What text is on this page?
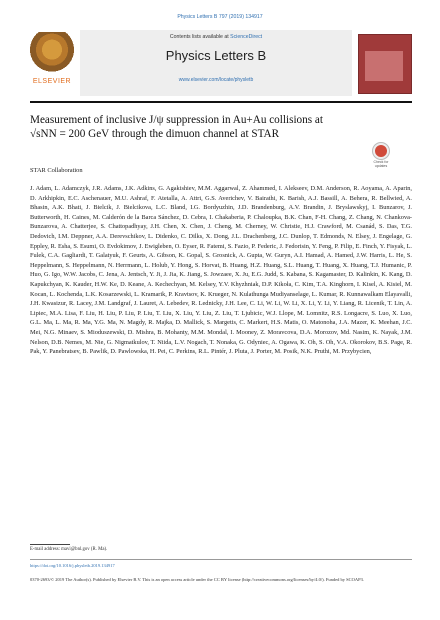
Physics Letters B 797 (2019) 134917
ELSEVIER
Contents lists available at ScienceDirect
Physics Letters B
www.elsevier.com/locate/physletb
Measurement of inclusive J/ψ suppression in Au+Au collisions at √sNN = 200 GeV through the dimuon channel at STAR
Check for updates
STAR Collaboration
J. Adam, L. Adamczyk, J.R. Adams, J.K. Adkins, G. Agakishiev, M.M. Aggarwal, Z. Ahammed, I. Alekseev, D.M. Anderson, R. Aoyama, A. Aparin, D. Arkhipkin, E.C. Aschenauer, M.U. Ashraf, F. Atetalla, A. Attri, G.S. Averichev, V. Bairathi, K. Barish, A.J. Bassill, A. Behera, R. Bellwied, A. Bhasin, A.K. Bhati, J. Bielcik, J. Bielcikova, L.C. Bland, I.G. Bordyuzhin, J.D. Brandenburg, A.V. Brandin, J. Bryslawskyj, I. Bunzarov, J. Butterworth, H. Caines, M. Calderón de la Barca Sánchez, D. Cebra, I. Chakaberia, P. Chaloupka, B.K. Chan, F-H. Chang, Z. Chang, N. Chankova-Bunzarova, A. Chatterjee, S. Chattopadhyay, J.H. Chen, X. Chen, J. Cheng, M. Cherney, W. Christie, H.J. Crawford, M. Csanád, S. Das, T.G. Dedovich, I.M. Deppner, A.A. Derevschikov, L. Didenko, C. Dilks, X. Dong, J.L. Drachenberg, J.C. Dunlop, T. Edmonds, N. Elsey, J. Engelage, G. Eppley, R. Esha, S. Esumi, O. Evdokimov, J. Ewigleben, O. Eyser, R. Fatemi, S. Fazio, P. Federic, J. Fedorisin, Y. Feng, P. Filip, E. Finch, Y. Fisyak, L. Fulek, C.A. Gagliardi, T. Galatyuk, F. Geurts, A. Gibson, K. Gopal, S. Grosnick, A. Gupta, W. Guryn, A.I. Hamad, A. Hamed, J.W. Harris, L. He, S. Heppelmann, S. Heppelmann, N. Herrmann, L. Holub, Y. Hong, S. Horvat, B. Huang, H.Z. Huang, S.L. Huang, T. Huang, X. Huang, T.J. Humanic, P. Huo, G. Igo, W.W. Jacobs, C. Jena, A. Jentsch, Y. Ji, J. Jia, K. Jiang, S. Jowzaee, X. Ju, E.G. Judd, S. Kabana, S. Kagamaster, D. Kalinkin, K. Kang, D. Kapukchyan, K. Kauder, H.W. Ke, D. Keane, A. Kechechyan, M. Kelsey, Y.V. Khyzhniak, D.P. Kikoła, C. Kim, T.A. Kinghorn, I. Kisel, A. Kisiel, M. Kocan, L. Kochenda, L.K. Kosarzewski, L. Kramarik, P. Kravtsov, K. Krueger, N. Kulathunga Mudiyanselage, L. Kumar, R. Kunnawalkam Elayavalli, J.H. Kwasizur, R. Lacey, J.M. Landgraf, J. Lauret, A. Lebedev, R. Lednicky, J.H. Lee, C. Li, W. Li, W. Li, X. Li, Y. Li, Y. Liang, R. Licenik, T. Lin, A. Lipiec, M.A. Lisa, F. Liu, H. Liu, P. Liu, P. Liu, T. Liu, X. Liu, Y. Liu, Z. Liu, T. Ljubicic, W.J. Llope, M. Lomnitz, R.S. Longacre, S. Luo, X. Luo, G.L. Ma, L. Ma, R. Ma, Y.G. Ma, N. Magdy, R. Majka, D. Mallick, S. Margetis, C. Markert, H.S. Matis, O. Matonoha, J.A. Mazer, K. Meehan, J.C. Mei, N.G. Minaev, S. Mioduszewski, D. Mishra, B. Mohanty, M.M. Mondal, I. Mooney, Z. Moravcova, D.A. Morozov, Md. Nasim, K. Nayak, J.M. Nelson, D.B. Nemes, M. Nie, G. Nigmatkulov, T. Niida, L.V. Nogach, T. Nonaka, G. Odyniec, A. Ogawa, K. Oh, S. Oh, V.A. Okorokov, B.S. Page, R. Pak, Y. Panebratsev, B. Pawlik, D. Pawlowska, H. Pei, C. Perkins, R.L. Pintér, J. Pluta, J. Porter, M. Posik, N.K. Pruthi, M. Przybycien,
E-mail address: mavi@bnl.gov (R. Ma).
https://doi.org/10.1016/j.physletb.2019.134917
0370-2693/© 2019 The Author(s). Published by Elsevier B.V. This is an open access article under the CC BY license (http://creativecommons.org/licenses/by/4.0/). Funded by SCOAP3.
